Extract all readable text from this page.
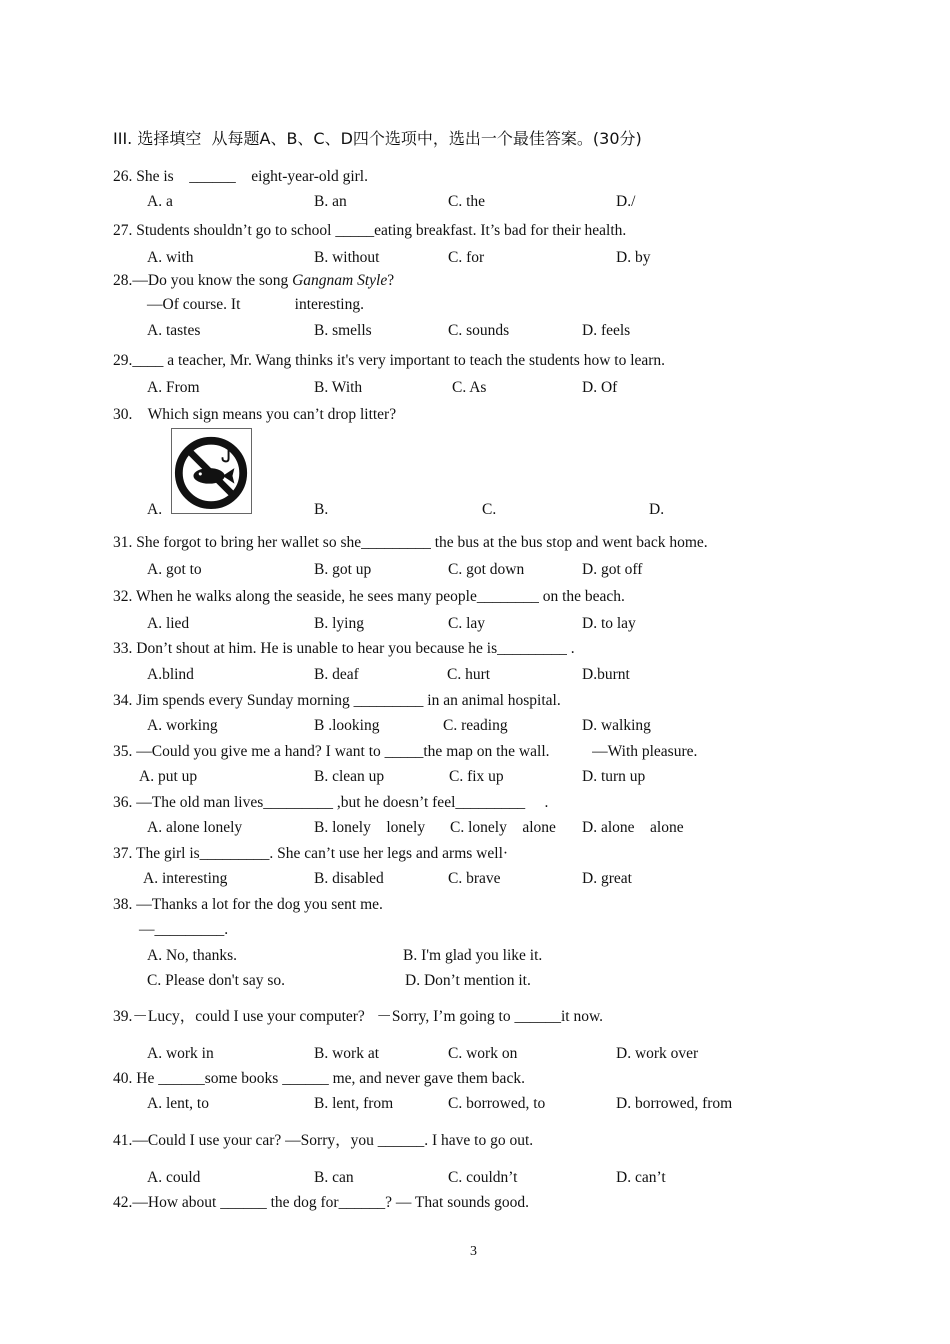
III. 选择填空  从每题A、B、C、D四个选项中，选出一个最佳答案。(30分)
26. She is    ______    eight-year-old girl.
A. a	B. an	C. the	D./
27. Students shouldn’t go to school _____eating breakfast. It’s bad for their health.
A. with	B. without	C. for	D. by
28.—Do you know the song Gangnam Style?
—Of course. It              interesting.
A. tastes	B. smells	C. sounds	D. feels
29.____ a teacher, Mr. Wang thinks it's very important to teach the students how to learn.
A. From	B. With	C. As	D. Of
30.    Which sign means you can’t drop litter?
A.	B.	C.	D.
31. She forgot to bring her wallet so she_________ the bus at the bus stop and went back home.
A. got to	B. got up	C. got down	D. got off
32. When he walks along the seaside, he sees many people________ on the beach.
A. lied	B. lying	C. lay	D. to lay
33. Don’t shout at him. He is unable to hear you because he is_________ .
A.blind	B. deaf	C. hurt	D.burnt
34. Jim spends every Sunday morning _________ in an animal hospital.
A. working	B .looking	C. reading	D. walking
35. —Could you give me a hand? I want to _____the map on the wall.           —With pleasure.
A. put up	B. clean up	C. fix up	D. turn up
36. —The old man lives_________ ,but he doesn’t feel_________     .
A. alone lonely	B. lonely    lonely C. lonely    alone D. alone    alone
37. The girl is_________. She can’t use her legs and arms well·
A. interesting	B. disabled	C. brave	D. great
38. —Thanks a lot for the dog you sent me.
—_________.
A. No, thanks.	B. I'm glad you like it.
C. Please don't say so.	D. Don’t mention it.
39.－Lucy，could I use your computer?   －Sorry, I’m going to ______it now.
A. work in	B. work at	C. work on	D. work over
40. He ______some books ______ me, and never gave them back.
A. lent, to	B. lent, from	C. borrowed, to	D. borrowed, from
41.—Could I use your car? —Sorry，you ______. I have to go out.
A. could	B. can	C. couldn’t	D. can’t
42.—How about ______ the dog for______? — That sounds good.
3
